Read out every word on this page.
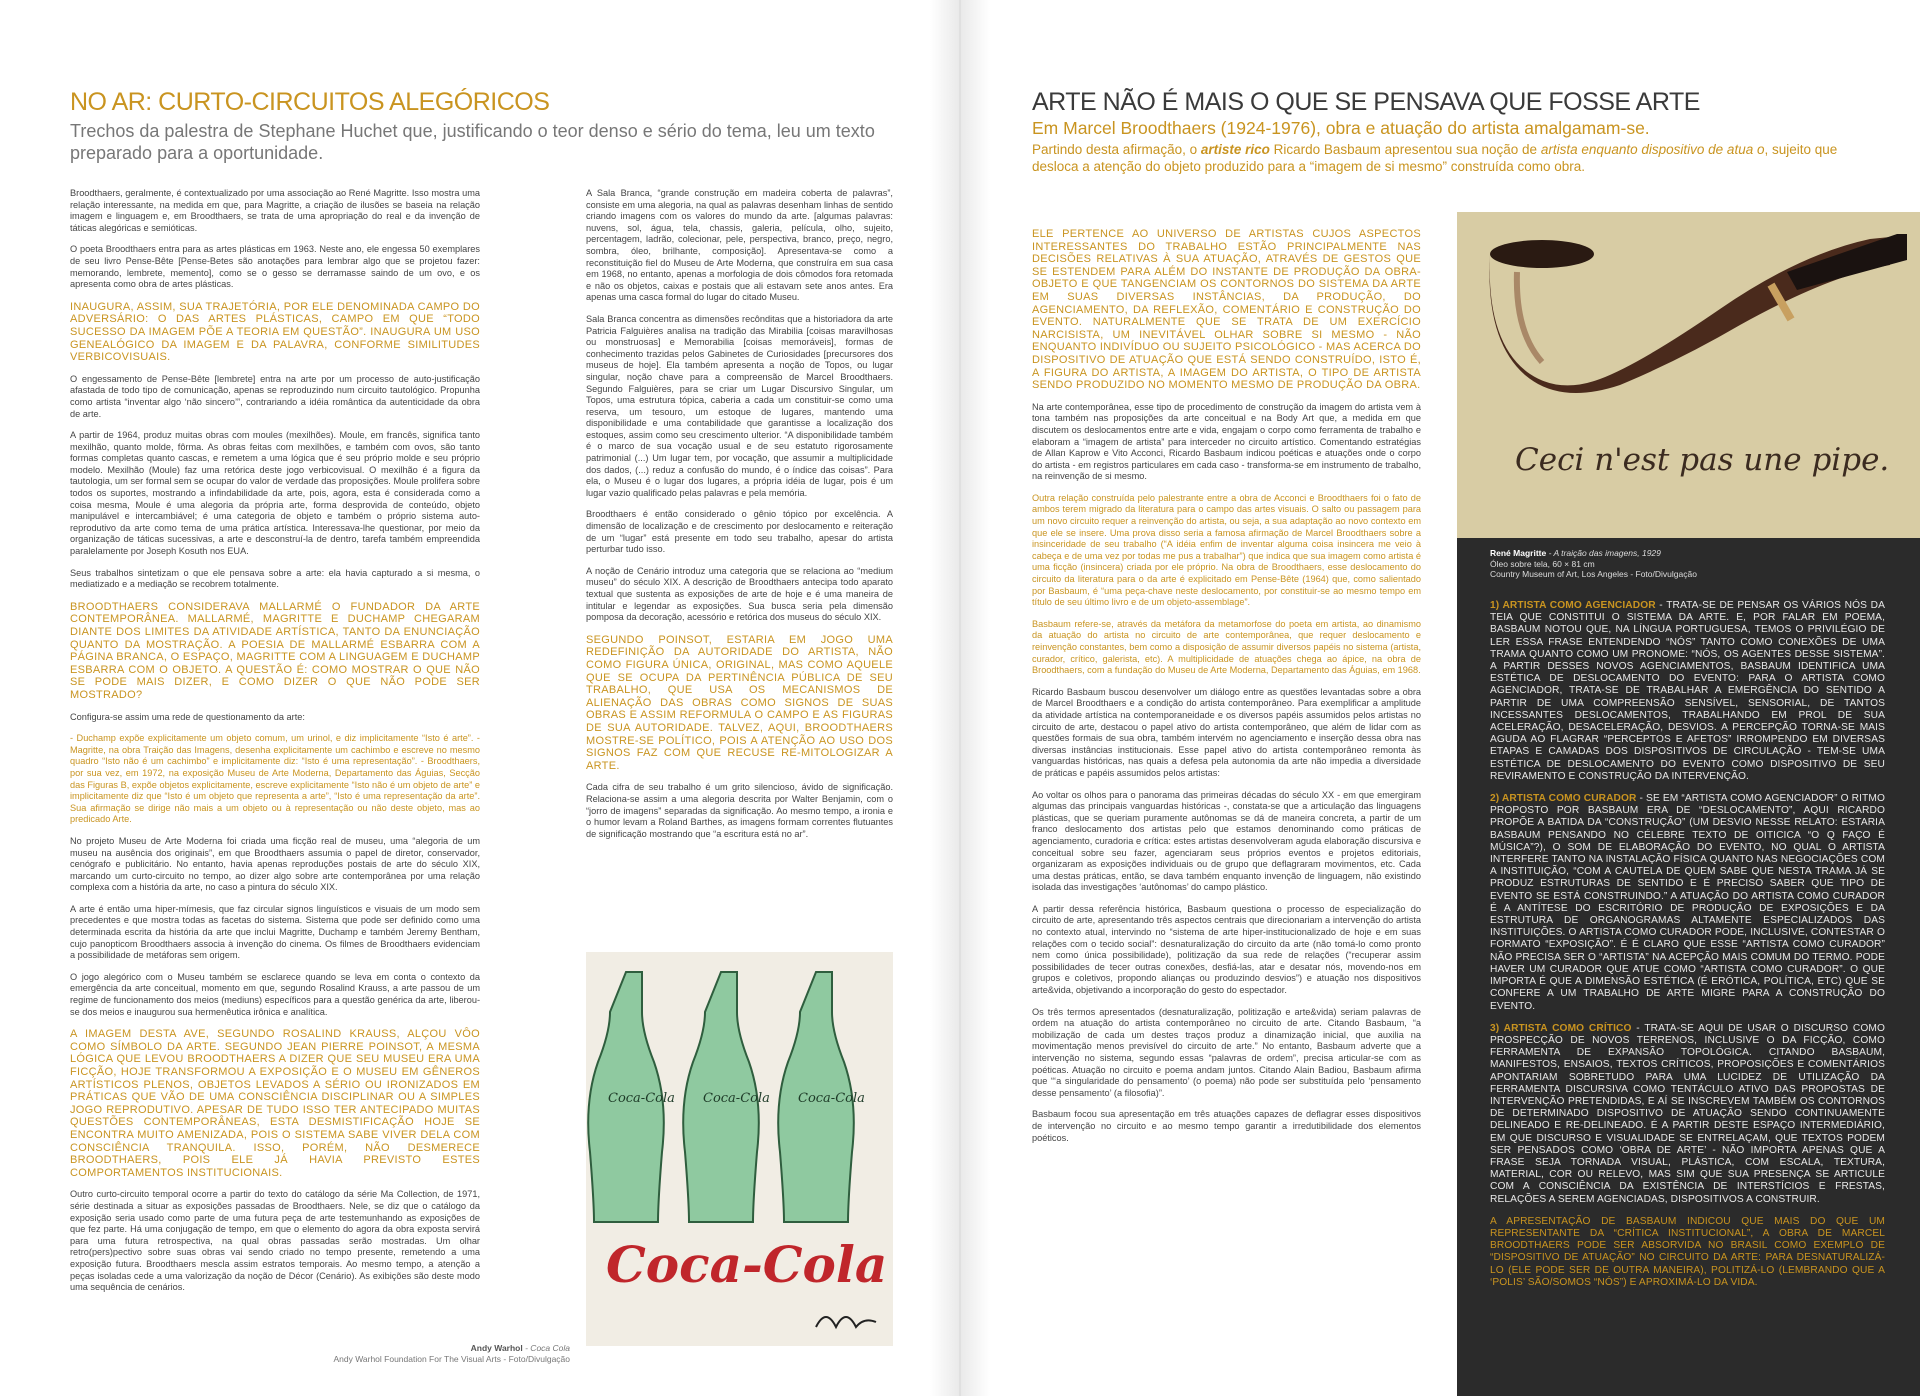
NO AR: CURTO-CIRCUITOS ALEGÓRICOS
Trechos da palestra de Stephane Huchet que, justificando o teor denso e sério do tema, leu um texto preparado para a oportunidade.

Broodthaers, geralmente, é contextualizado por uma associação ao René Magritte. Isso mostra uma relação interessante, na medida em que, para Magritte, a criação de ilusões se baseia na relação imagem e linguagem e, em Broodthaers, se trata de uma apropriação do real e da invenção de táticas alegóricas e semióticas.

O poeta Broodthaers entra para as artes plásticas em 1963. Neste ano, ele engessa 50 exemplares de seu livro Pense-Bête [Pense-Betes são anotações para lembrar algo que se projetou fazer: memorando, lembrete, memento], como se o gesso se derramasse saindo de um ovo, e os apresenta como obra de artes plásticas.

INAUGURA, ASSIM, SUA TRAJETÓRIA, POR ELE DENOMINADA CAMPO DO ADVERSÁRIO: O DAS ARTES PLÁSTICAS, CAMPO EM QUE “TODO SUCESSO DA IMAGEM PÕE A TEORIA EM QUESTÃO”. INAUGURA UM USO GENEALÓGICO DA IMAGEM E DA PALAVRA, CONFORME SIMILITUDES VERBICOVISUAIS.

O engessamento de Pense-Bête [lembrete] entra na arte por um processo de auto-justificação afastada de todo tipo de comunicação, apenas se reproduzindo num circuito tautológico. Propunha como artista “inventar algo ‘não sincero’”, contrariando a idéia romântica da autenticidade da obra de arte.

A partir de 1964, produz muitas obras com moules (mexilhões). Moule, em francês, significa tanto mexilhão, quanto molde, fôrma. As obras feitas com mexilhões, e também com ovos, são tanto formas completas quanto cascas, e remetem a uma lógica que é seu próprio molde e seu próprio modelo. Mexilhão (Moule) faz uma retórica deste jogo verbicovisual. O mexilhão é a figura da tautologia, um ser formal sem se ocupar do valor de verdade das proposições. Moule prolifera sobre todos os suportes, mostrando a infindabilidade da arte, pois, agora, esta é considerada como a coisa mesma, Moule é uma alegoria da própria arte, forma desprovida de conteúdo, objeto manipulável e intercambiável; é uma categoria de objeto e também o próprio sistema auto-reprodutivo da arte como tema de uma prática artística. Interessava-lhe questionar, por meio da organização de táticas sucessivas, a arte e desconstruí-la de dentro, tarefa também empreendida paralelamente por Joseph Kosuth nos EUA.

Seus trabalhos sintetizam o que ele pensava sobre a arte: ela havia capturado a si mesma, o mediatizado e a mediação se recobrem totalmente.

BROODTHAERS CONSIDERAVA MALLARMÉ O FUNDADOR DA ARTE CONTEMPORÂNEA. MALLARMÉ, MAGRITTE E DUCHAMP CHEGARAM DIANTE DOS LIMITES DA ATIVIDADE ARTÍSTICA, TANTO DA ENUNCIAÇÃO QUANTO DA MOSTRAÇÃO. A POESIA DE MALLARMÉ ESBARRA COM A PÁGINA BRANCA, O ESPAÇO, MAGRITTE COM A LINGUAGEM E DUCHAMP ESBARRA COM O OBJETO. A QUESTÃO É: COMO MOSTRAR O QUE NÃO SE PODE MAIS DIZER, E COMO DIZER O QUE NÃO PODE SER MOSTRADO?

Configura-se assim uma rede de questionamento da arte:

- Duchamp expõe explicitamente um objeto comum, um urinol, e diz implicitamente “Isto é arte”. - Magritte, na obra Traição das Imagens, desenha explicitamente um cachimbo e escreve no mesmo quadro “Isto não é um cachimbo” e implicitamente diz: “Isto é uma representação”. - Broodthaers, por sua vez, em 1972, na exposição Museu de Arte Moderna, Departamento das Águias, Secção das Figuras B, expõe objetos explicitamente, escreve explicitamente “Isto não é um objeto de arte” e implicitamente diz que “Isto é um objeto que representa a arte”, “Isto é uma representação da arte”. Sua afirmação se dirige não mais a um objeto ou à representação ou não deste objeto, mas ao predicado Arte.

No projeto Museu de Arte Moderna foi criada uma ficção real de museu, uma “alegoria de um museu na ausência dos originais”, em que Broodthaers assumia o papel de diretor, conservador, cenógrafo e publicitário. No entanto, havia apenas reproduções postais de arte do século XIX, marcando um curto-circuito no tempo, ao dizer algo sobre arte contemporânea por uma relação complexa com a história da arte, no caso a pintura do século XIX.

A arte é então uma hiper-mímesis, que faz circular signos linguísticos e visuais de um modo sem precedentes e que mostra todas as facetas do sistema. Sistema que pode ser definido como uma determinada escrita da história da arte que inclui Magritte, Duchamp e também Jeremy Bentham, cujo panopticom Broodthaers associa à invenção do cinema. Os filmes de Broodthaers evidenciam a possibilidade de metáforas sem origem.

O jogo alegórico com o Museu também se esclarece quando se leva em conta o contexto da emergência da arte conceitual, momento em que, segundo Rosalind Krauss, a arte passou de um regime de funcionamento dos meios (mediuns) específicos para a questão genérica da arte, liberou-se dos meios e inaugurou sua hermenêutica irônica e analítica.

A IMAGEM DESTA AVE, SEGUNDO ROSALIND KRAUSS, ALÇOU VÔO COMO SÍMBOLO DA ARTE. SEGUNDO JEAN PIERRE POINSOT, A MESMA LÓGICA QUE LEVOU BROODTHAERS A DIZER QUE SEU MUSEU ERA UMA FICÇÃO, HOJE TRANSFORMOU A EXPOSIÇÃO E O MUSEU EM GÊNEROS ARTÍSTICOS PLENOS, OBJETOS LEVADOS A SÉRIO OU IRONIZADOS EM PRÁTICAS QUE VÃO DE UMA CONSCIÊNCIA DISCIPLINAR OU A SIMPLES JOGO REPRODUTIVO. APESAR DE TUDO ISSO TER ANTECIPADO MUITAS QUESTÕES CONTEMPORÂNEAS, ESTA DESMISTIFICAÇÃO HOJE SE ENCONTRA MUITO AMENIZADA, POIS O SISTEMA SABE VIVER DELA COM CONSCIÊNCIA TRANQUILA. ISSO, PORÉM, NÃO DESMERECE BROODTHAERS, POIS ELE JÁ HAVIA PREVISTO ESTES COMPORTAMENTOS INSTITUCIONAIS.

Outro curto-circuito temporal ocorre a partir do texto do catálogo da série Ma Collection, de 1971, série destinada a situar as exposições passadas de Broodthaers. Nele, se diz que o catálogo da exposição seria usado como parte de uma futura peça de arte testemunhando as exposições de que fez parte. Há uma conjugação de tempo, em que o elemento do agora da obra exposta servirá para uma futura retrospectiva, na qual obras passadas serão mostradas. Um olhar retro(pers)pectivo sobre suas obras vai sendo criado no tempo presente, remetendo a uma exposição futura. Broodthaers mescla assim estratos temporais. Ao mesmo tempo, a atenção a peças isoladas cede a uma valorização da noção de Décor (Cenário). As exibições são deste modo uma sequência de cenários.

A Sala Branca, “grande construção em madeira coberta de palavras”, consiste em uma alegoria, na qual as palavras desenham linhas de sentido criando imagens com os valores do mundo da arte. [algumas palavras: nuvens, sol, água, tela, chassis, galeria, película, olho, sujeito, percentagem, ladrão, colecionar, pele, perspectiva, branco, preço, negro, sombra, óleo, brilhante, composição]. Apresentava-se como a reconstituição fiel do Museu de Arte Moderna, que construíra em sua casa em 1968, no entanto, apenas a morfologia de dois cômodos fora retomada e não os objetos, caixas e postais que ali estavam sete anos antes. Era apenas uma casca formal do lugar do citado Museu.

Sala Branca concentra as dimensões recônditas que a historiadora da arte Patricia Falguières analisa na tradição das Mirabilia [coisas maravilhosas ou monstruosas] e Memorabilia [coisas memoráveis], formas de conhecimento trazidas pelos Gabinetes de Curiosidades [precursores dos museus de hoje]. Ela também apresenta a noção de Topos, ou lugar singular, noção chave para a compreensão de Marcel Broodthaers. Segundo Falguières, para se criar um Lugar Discursivo Singular, um Topos, uma estrutura tópica, caberia a cada um constituir-se como uma reserva, um tesouro, um estoque de lugares, mantendo uma disponibilidade e uma contabilidade que garantisse a localização dos estoques, assim como seu crescimento ulterior. “A disponibilidade também é o marco de sua vocação usual e de seu estatuto rigorosamente patrimonial (...) Um lugar tem, por vocação, que assumir a multiplicidade dos dados, (...) reduz a confusão do mundo, é o índice das coisas”. Para ela, o Museu é o lugar dos lugares, a própria idéia de lugar, pois é um lugar vazio qualificado pelas palavras e pela memória.

Broodthaers é então considerado o gênio tópico por excelência. A dimensão de localização e de crescimento por deslocamento e reiteração de um “lugar” está presente em todo seu trabalho, apesar do artista perturbar tudo isso.

A noção de Cenário introduz uma categoria que se relaciona ao “medium museu” do século XIX. A descrição de Broodthaers antecipa todo aparato textual que sustenta as exposições de arte de hoje e é uma maneira de intitular e legendar as exposições. Sua busca seria pela dimensão pomposa da decoração, acessório e retórica dos museus do século XIX.

SEGUNDO POINSOT, ESTARIA EM JOGO UMA REDEFINIÇÃO DA AUTORIDADE DO ARTISTA, NÃO COMO FIGURA ÚNICA, ORIGINAL, MAS COMO AQUELE QUE SE OCUPA DA PERTINÊNCIA PÚBLICA DE SEU TRABALHO, QUE USA OS MECANISMOS DE ALIENAÇÃO DAS OBRAS COMO SIGNOS DE SUAS OBRAS E ASSIM REFORMULA O CAMPO E AS FIGURAS DE SUA AUTORIDADE. TALVEZ, AQUI, BROODTHAERS MOSTRE-SE POLÍTICO, POIS A ATENÇÃO AO USO DOS SIGNOS FAZ COM QUE RECUSE RE-MITOLOGIZAR A ARTE.

Cada cifra de seu trabalho é um grito silencioso, ávido de significação. Relaciona-se assim a uma alegoria descrita por Walter Benjamin, com o “jorro de imagens” separadas da significação. Ao mesmo tempo, a ironia e o humor levam a Roland Barthes, as imagens formam correntes flutuantes de significação mostrando que “a escritura está no ar”.

Coca-Cola Coca-Cola Coca-Cola
Coca-Cola
Andy Warhol - Coca Cola
Andy Warhol Foundation For The Visual Arts - Foto/Divulgação
ARTE NÃO É MAIS O QUE SE PENSAVA QUE FOSSE ARTE
Em Marcel Broodthaers (1924-1976), obra e atuação do artista amalgamam-se.
Partindo desta afirmação, o artiste rico Ricardo Basbaum apresentou sua noção de artista enquanto dispositivo de atua o, sujeito que desloca a atenção do objeto produzido para a “imagem de si mesmo” construída como obra.
ELE PERTENCE AO UNIVERSO DE ARTISTAS CUJOS ASPECTOS INTERESSANTES DO TRABALHO ESTÃO PRINCIPALMENTE NAS DECISÕES RELATIVAS À SUA ATUAÇÃO, ATRAVÉS DE GESTOS QUE SE ESTENDEM PARA ALÉM DO INSTANTE DE PRODUÇÃO DA OBRA-OBJETO E QUE TANGENCIAM OS CONTORNOS DO SISTEMA DA ARTE EM SUAS DIVERSAS INSTÂNCIAS, DA PRODUÇÃO, DO AGENCIAMENTO, DA REFLEXÃO, COMENTÁRIO E CONSTRUÇÃO DO EVENTO. NATURALMENTE QUE SE TRATA DE UM EXERCÍCIO NARCISISTA, UM INEVITÁVEL OLHAR SOBRE SI MESMO - NÃO ENQUANTO INDIVÍDUO OU SUJEITO PSICOLÓGICO - MAS ACERCA DO DISPOSITIVO DE ATUAÇÃO QUE ESTÁ SENDO CONSTRUÍDO, ISTO É, A FIGURA DO ARTISTA, A IMAGEM DO ARTISTA, O TIPO DE ARTISTA SENDO PRODUZIDO NO MOMENTO MESMO DE PRODUÇÃO DA OBRA.

Na arte contemporânea, esse tipo de procedimento de construção da imagem do artista vem à tona também nas proposições da arte conceitual e na Body Art que, a medida em que discutem os deslocamentos entre arte e vida, engajam o corpo como ferramenta de trabalho e elaboram a “imagem de artista” para interceder no circuito artístico. Comentando estratégias de Allan Kaprow e Vito Acconci, Ricardo Basbaum indicou poéticas e atuações onde o corpo do artista - em registros particulares em cada caso - transforma-se em instrumento de trabalho, na reinvenção de si mesmo.

Outra relação construída pelo palestrante entre a obra de Acconci e Broodthaers foi o fato de ambos terem migrado da literatura para o campo das artes visuais. O salto ou passagem para um novo circuito requer a reinvenção do artista, ou seja, a sua adaptação ao novo contexto em que ele se insere. Uma prova disso seria a famosa afirmação de Marcel Broodthaers sobre a insinceridade de seu trabalho (“A idéia enfim de inventar alguma coisa insincera me veio à cabeça e de uma vez por todas me pus a trabalhar”) que indica que sua imagem como artista é uma ficção (insincera) criada por ele próprio. Na obra de Broodthaers, esse deslocamento do circuito da literatura para o da arte é explicitado em Pense-Bête (1964) que, como salientado por Basbaum, é “uma peça-chave neste deslocamento, por constituir-se ao mesmo tempo em título de seu último livro e de um objeto-assemblage”.

Basbaum refere-se, através da metáfora da metamorfose do poeta em artista, ao dinamismo da atuação do artista no circuito de arte contemporânea, que requer deslocamento e reinvenção constantes, bem como a disposição de assumir diversos papéis no sistema (artista, curador, crítico, galerista, etc). A multiplicidade de atuações chega ao ápice, na obra de Broodthaers, com a fundação do Museu de Arte Moderna, Departamento das Águias, em 1968.

Ricardo Basbaum buscou desenvolver um diálogo entre as questões levantadas sobre a obra de Marcel Broodthaers e a condição do artista contemporâneo. Para exemplificar a amplitude da atividade artística na contemporaneidade e os diversos papéis assumidos pelos artistas no circuito de arte, destacou o papel ativo do artista contemporâneo, que além de lidar com as questões formais de sua obra, também intervém no agenciamento e inserção dessa obra nas diversas instâncias institucionais. Esse papel ativo do artista contemporâneo remonta às vanguardas históricas, nas quais a defesa pela autonomia da arte não impedia a diversidade de práticas e papéis assumidos pelos artistas:

Ao voltar os olhos para o panorama das primeiras décadas do século XX - em que emergiram algumas das principais vanguardas históricas -, constata-se que a articulação das linguagens plásticas, que se queriam puramente autônomas se dá de maneira concreta, a partir de um franco deslocamento dos artistas pelo que estamos denominando como práticas de agenciamento, curadoria e crítica: estes artistas desenvolveram aguda elaboração discursiva e conceitual sobre seu fazer, agenciaram seus próprios eventos e projetos editoriais, organizaram as exposições individuais ou de grupo que deflagraram movimentos, etc. Cada uma destas práticas, então, se dava também enquanto invenção de linguagem, não existindo isolada das investigações ‘autônomas’ do campo plástico.

A partir dessa referência histórica, Basbaum questiona o processo de especialização do circuito de arte, apresentando três aspectos centrais que direcionariam a intervenção do artista no contexto atual, intervindo no “sistema de arte hiper-institucionalizado de hoje e em suas relações com o tecido social”: desnaturalização do circuito da arte (não tomá-lo como pronto nem como única possibilidade), politização da sua rede de relações (“recuperar assim possibilidades de tecer outras conexões, desfiá-las, atar e desatar nós, movendo-nos em grupos e coletivos, propondo alianças ou produzindo desvios”) e atuação nos dispositivos arte&vida, objetivando a incorporação do gesto do espectador.

Os três termos apresentados (desnaturalização, politização e arte&vida) seriam palavras de ordem na atuação do artista contemporâneo no circuito de arte. Citando Basbaum, “a mobilização de cada um destes traços produz a dinamização inicial, que auxilia na movimentação menos previsível do circuito de arte.” No entanto, Basbaum adverte que a intervenção no sistema, segundo essas “palavras de ordem”, precisa articular-se com as poéticas. Atuação no circuito e poema andam juntos. Citando Alain Badiou, Basbaum afirma que “‘a singularidade do pensamento’ (o poema) não pode ser substituída pelo ‘pensamento desse pensamento’ (a filosofia)”.

Basbaum focou sua apresentação em três atuações capazes de deflagrar esses dispositivos de intervenção no circuito e ao mesmo tempo garantir a irredutibilidade dos elementos poéticos.

Ceci n'est pas une pipe.
René Magritte - A traição das imagens, 1929
Óleo sobre tela, 60 × 81 cm
Country Museum of Art, Los Angeles - Foto/Divulgação

1) ARTISTA COMO AGENCIADOR - TRATA-SE DE PENSAR OS VÁRIOS NÓS DA TEIA QUE CONSTITUI O SISTEMA DA ARTE. E, POR FALAR EM POEMA, BASBAUM NOTOU QUE, NA LÍNGUA PORTUGUESA, TEMOS O PRIVILÉGIO DE LER ESSA FRASE ENTENDENDO “NÓS” TANTO COMO CONEXÕES DE UMA TRAMA QUANTO COMO UM PRONOME: “NÓS, OS AGENTES DESSE SISTEMA”. A PARTIR DESSES NOVOS AGENCIAMENTOS, BASBAUM IDENTIFICA UMA ESTÉTICA DE DESLOCAMENTO DO EVENTO: PARA O ARTISTA COMO AGENCIADOR, TRATA-SE DE TRABALHAR A EMERGÊNCIA DO SENTIDO A PARTIR DE UMA COMPREENSÃO SENSÍVEL, SENSORIAL, DE TANTOS INCESSANTES DESLOCAMENTOS, TRABALHANDO EM PROL DE SUA ACELERAÇÃO, DESACELERAÇÃO, DESVIOS. A PERCEPÇÃO TORNA-SE MAIS AGUDA AO FLAGRAR “PERCEPTOS E AFETOS” IRROMPENDO EM DIVERSAS ETAPAS E CAMADAS DOS DISPOSITIVOS DE CIRCULAÇÃO - TEM-SE UMA ESTÉTICA DE DESLOCAMENTO DO EVENTO COMO DISPOSITIVO DE SEU REVIRAMENTO E CONSTRUÇÃO DA INTERVENÇÃO.

2) ARTISTA COMO CURADOR - SE EM “ARTISTA COMO AGENCIADOR” O RITMO PROPOSTO POR BASBAUM ERA DE “DESLOCAMENTO”, AQUI RICARDO PROPÕE A BATIDA DA “CONSTRUÇÃO” (UM DESVIO NESSE RELATO: ESTARIA BASBAUM PENSANDO NO CÉLEBRE TEXTO DE OITICICA “O Q FAÇO É MÚSICA”?), O SOM DE ELABORAÇÃO DO EVENTO, NO QUAL O ARTISTA INTERFERE TANTO NA INSTALAÇÃO FÍSICA QUANTO NAS NEGOCIAÇÕES COM A INSTITUIÇÃO, “COM A CAUTELA DE QUEM SABE QUE NESTA TRAMA JÁ SE PRODUZ ESTRUTURAS DE SENTIDO E É PRECISO SABER QUE TIPO DE EVENTO SE ESTÁ CONSTRUINDO.” A ATUAÇÃO DO ARTISTA COMO CURADOR É A ANTÍTESE DO ESCRITÓRIO DE PRODUÇÃO DE EXPOSIÇÕES E DA ESTRUTURA DE ORGANOGRAMAS ALTAMENTE ESPECIALIZADOS DAS INSTITUIÇÕES. O ARTISTA COMO CURADOR PODE, INCLUSIVE, CONTESTAR O FORMATO “EXPOSIÇÃO”. É É CLARO QUE ESSE “ARTISTA COMO CURADOR” NÃO PRECISA SER O “ARTISTA” NA ACEPÇÃO MAIS COMUM DO TERMO. PODE HAVER UM CURADOR QUE ATUE COMO “ARTISTA COMO CURADOR”. O QUE IMPORTA É QUE A DIMENSÃO ESTÉTICA (É ERÓTICA, POLÍTICA, ETC) QUE SE CONFERE A UM TRABALHO DE ARTE MIGRE PARA A CONSTRUÇÃO DO EVENTO.

3) ARTISTA COMO CRÍTICO - TRATA-SE AQUI DE USAR O DISCURSO COMO PROSPECÇÃO DE NOVOS TERRENOS, INCLUSIVE O DA FICÇÃO, COMO FERRAMENTA DE EXPANSÃO TOPOLÓGICA. CITANDO BASBAUM, MANIFESTOS, ENSAIOS, TEXTOS CRÍTICOS, PROPOSIÇÕES E COMENTÁRIOS APONTARIAM SOBRETUDO PARA UMA LUCIDEZ DE UTILIZAÇÃO DA FERRAMENTA DISCURSIVA COMO TENTÁCULO ATIVO DAS PROPOSTAS DE INTERVENÇÃO PRETENDIDAS, E AÍ SE INSCREVEM TAMBÉM OS CONTORNOS DE DETERMINADO DISPOSITIVO DE ATUAÇÃO SENDO CONTINUAMENTE DELINEADO E RE-DELINEADO. É A PARTIR DESTE ESPAÇO INTERMEDIÁRIO, EM QUE DISCURSO E VISUALIDADE SE ENTRELAÇAM, QUE TEXTOS PODEM SER PENSADOS COMO ‘OBRA DE ARTE’ - NÃO IMPORTA APENAS QUE A FRASE SEJA TORNADA VISUAL, PLÁSTICA, COM ESCALA, TEXTURA, MATERIAL, COR OU RELEVO, MAS SIM QUE SUA PRESENÇA SE ARTICULE COM A CONSCIÊNCIA DA EXISTÊNCIA DE INTERSTÍCIOS E FRESTAS, RELAÇÕES A SEREM AGENCIADAS, DISPOSITIVOS A CONSTRUIR.

A APRESENTAÇÃO DE BASBAUM INDICOU QUE MAIS DO QUE UM REPRESENTANTE DA “CRÍTICA INSTITUCIONAL”, A OBRA DE MARCEL BROODTHAERS PODE SER ABSORVIDA NO BRASIL COMO EXEMPLO DE “DISPOSITIVO DE ATUAÇÃO” NO CIRCUITO DA ARTE: PARA DESNATURALIZÁ-LO (ELE PODE SER DE OUTRA MANEIRA), POLITIZÁ-LO (LEMBRANDO QUE A ‘POLIS’ SÃO/SOMOS “NÓS”) E APROXIMÁ-LO DA VIDA.
